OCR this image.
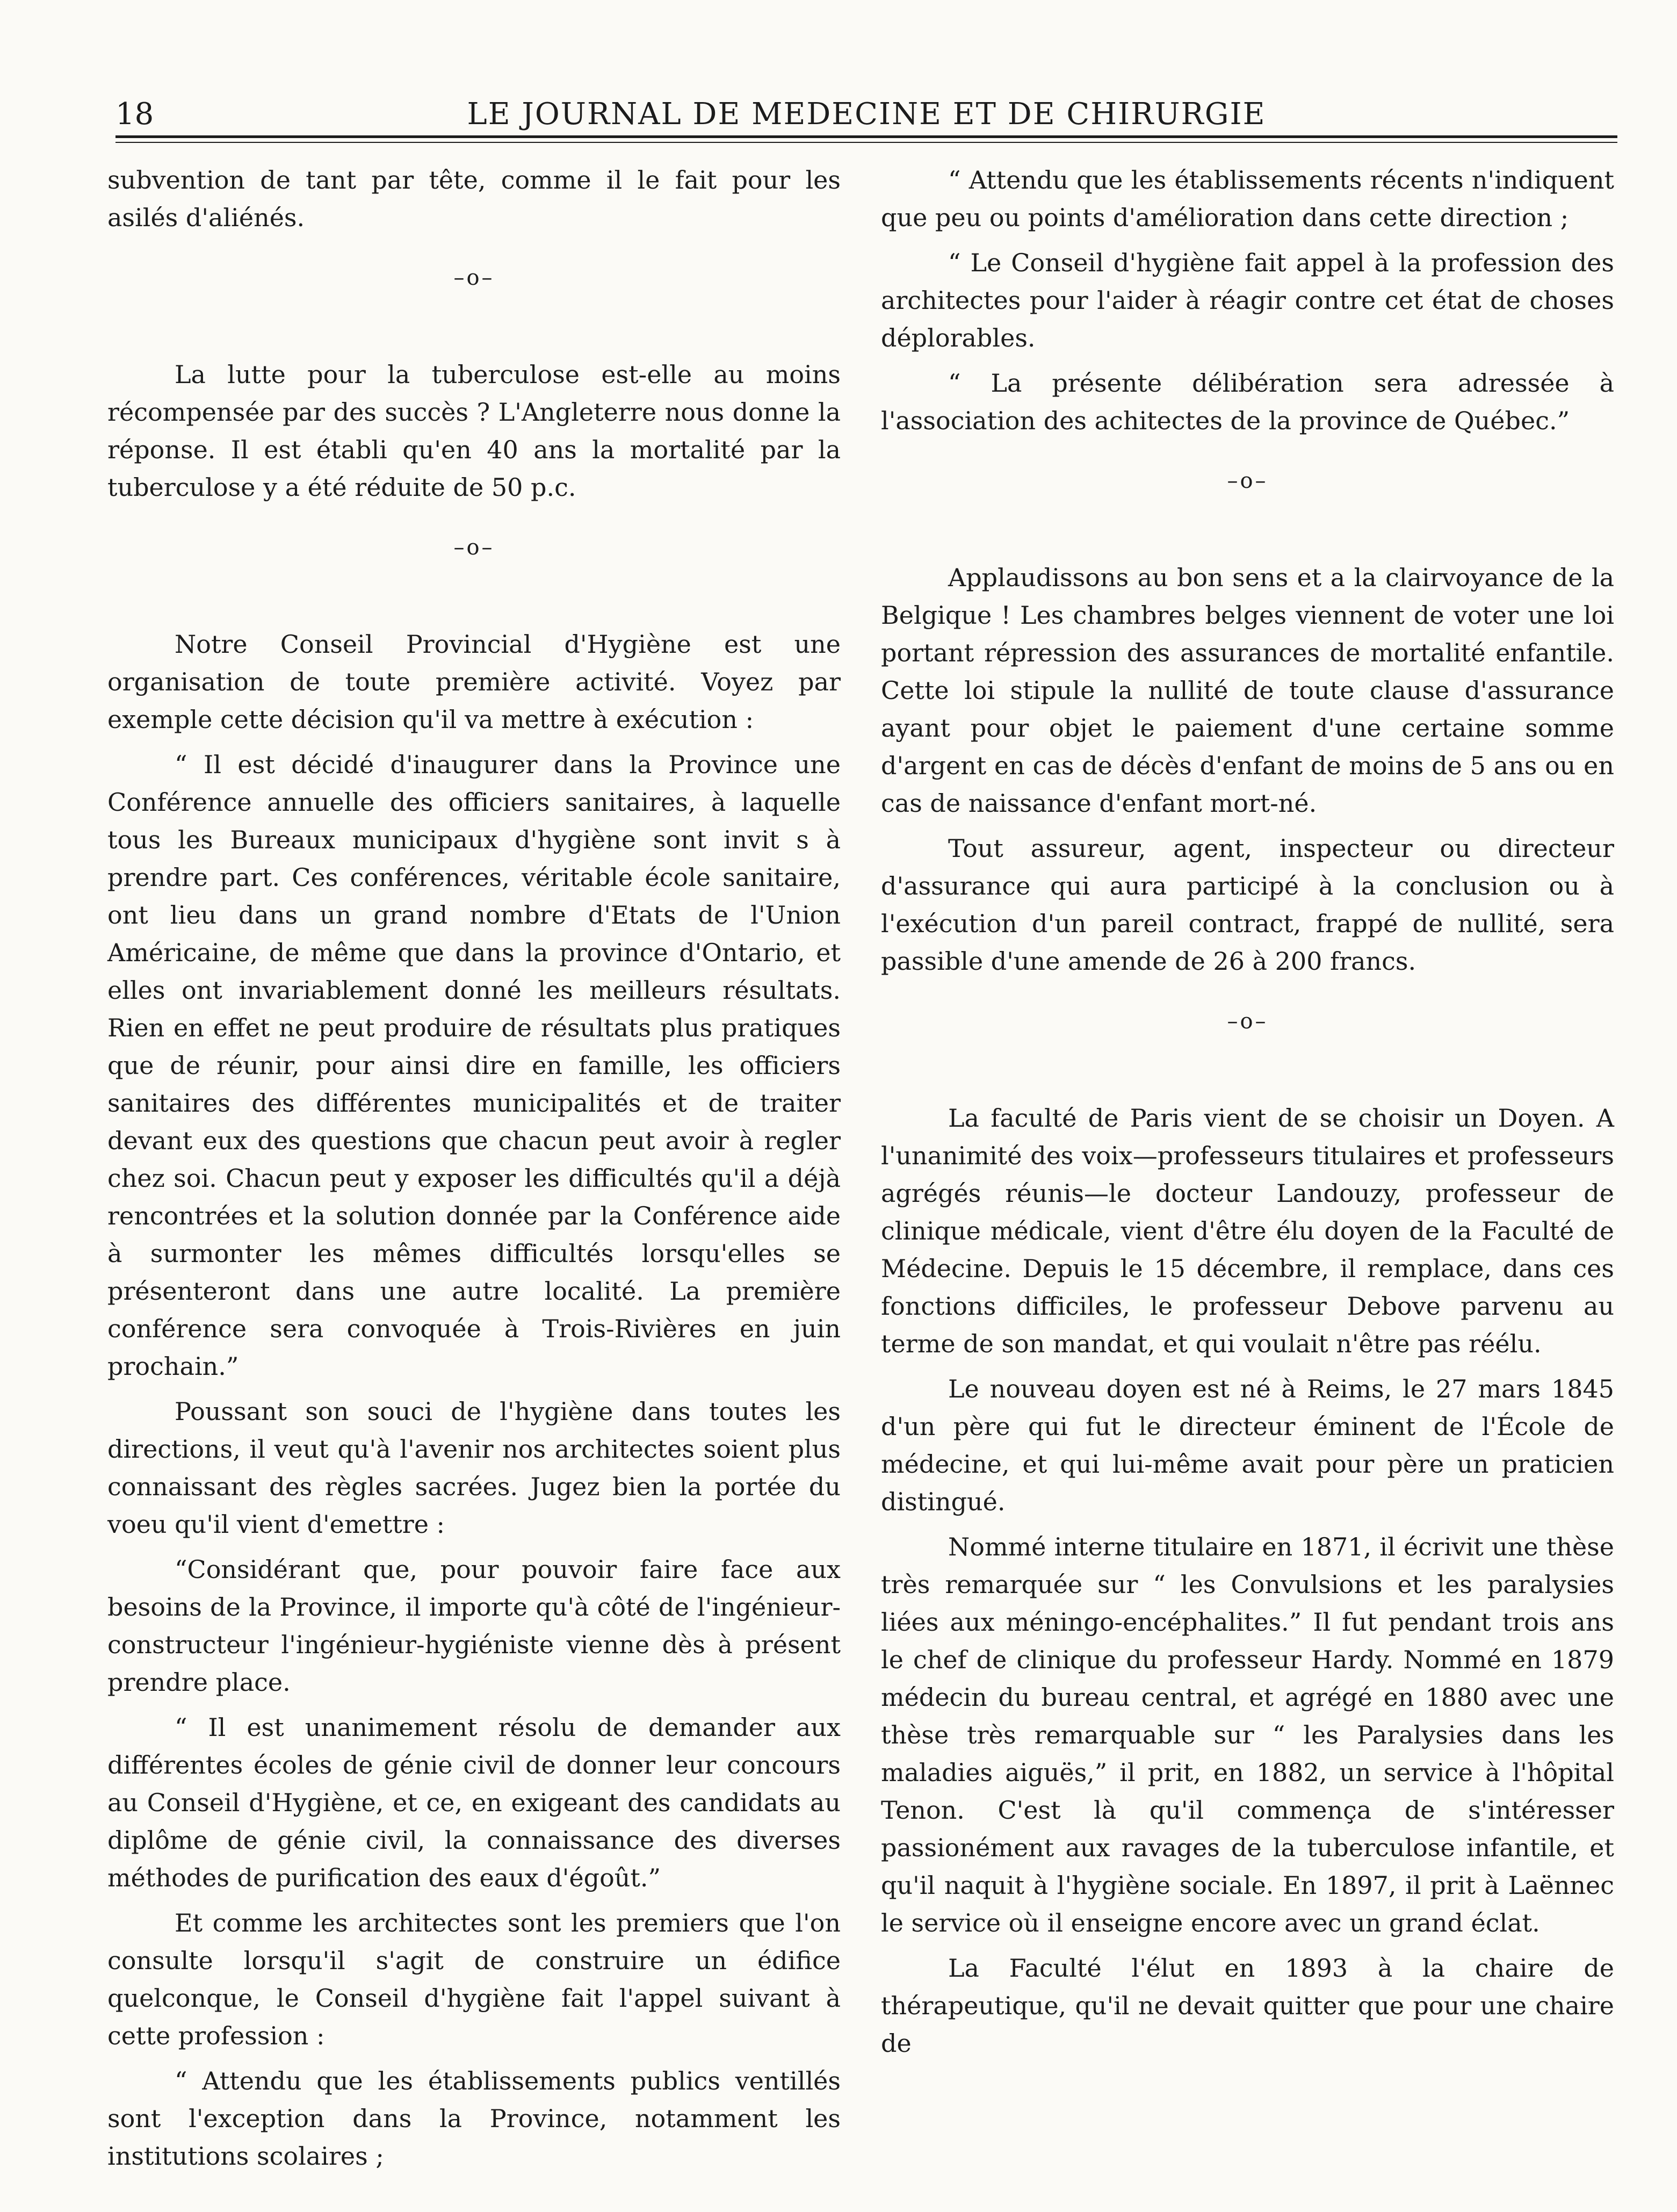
18	LE JOURNAL DE MEDECINE ET DE CHIRURGIE

subvention de tant par tête, comme il le fait pour les asilés d'aliénés.

–o–

La lutte pour la tuberculose est-elle au moins récompensée par des succès ? L'Angleterre nous donne la réponse. Il est établi qu'en 40 ans la mortalité par la tuberculose y a été réduite de 50 p.c.

–o–

Notre Conseil Provincial d'Hygiène est une organisation de toute première activité. Voyez par exemple cette décision qu'il va mettre à exécution :

“ Il est décidé d'inaugurer dans la Province une Conférence annuelle des officiers sanitaires, à laquelle tous les Bureaux municipaux d'hygiène sont invit s à prendre part. Ces conférences, véritable école sanitaire, ont lieu dans un grand nombre d'Etats de l'Union Américaine, de même que dans la province d'Ontario, et elles ont invariablement donné les meilleurs résultats. Rien en effet ne peut produire de résultats plus pratiques que de réunir, pour ainsi dire en famille, les officiers sanitaires des différentes municipalités et de traiter devant eux des questions que chacun peut avoir à regler chez soi. Chacun peut y exposer les difficultés qu'il a déjà rencontrées et la solution donnée par la Conférence aide à surmonter les mêmes difficultés lorsqu'elles se présenteront dans une autre localité. La première conférence sera convoquée à Trois-Rivières en juin prochain.”

Poussant son souci de l'hygiène dans toutes les directions, il veut qu'à l'avenir nos architectes soient plus connaissant des règles sacrées. Jugez bien la portée du voeu qu'il vient d'emettre :

“Considérant que, pour pouvoir faire face aux besoins de la Province, il importe qu'à côté de l'ingénieur-constructeur l'ingénieur-hygiéniste vienne dès à présent prendre place.

“ Il est unanimement résolu de demander aux différentes écoles de génie civil de donner leur concours au Conseil d'Hygiène, et ce, en exigeant des candidats au diplôme de génie civil, la connaissance des diverses méthodes de purification des eaux d'égoût.”

Et comme les architectes sont les premiers que l'on consulte lorsqu'il s'agit de construire un édifice quelconque, le Conseil d'hygiène fait l'appel suivant à cette profession :

“ Attendu que les établissements publics ventillés sont l'exception dans la Province, notamment les institutions scolaires ;

“ Attendu que les établissements récents n'indiquent que peu ou points d'amélioration dans cette direction ;

“ Le Conseil d'hygiène fait appel à la profession des architectes pour l'aider à réagir contre cet état de choses déplorables.

“ La présente délibération sera adressée à l'association des achitectes de la province de Québec.”

–o–

Applaudissons au bon sens et a la clairvoyance de la Belgique ! Les chambres belges viennent de voter une loi portant répression des assurances de mortalité enfantile. Cette loi stipule la nullité de toute clause d'assurance ayant pour objet le paiement d'une certaine somme d'argent en cas de décès d'enfant de moins de 5 ans ou en cas de naissance d'enfant mort-né.

Tout assureur, agent, inspecteur ou directeur d'assurance qui aura participé à la conclusion ou à l'exécution d'un pareil contract, frappé de nullité, sera passible d'une amende de 26 à 200 francs.

–o–

La faculté de Paris vient de se choisir un Doyen. A l'unanimité des voix—professeurs titulaires et professeurs agrégés réunis—le docteur Landouzy, professeur de clinique médicale, vient d'être élu doyen de la Faculté de Médecine. Depuis le 15 décembre, il remplace, dans ces fonctions difficiles, le professeur Debove parvenu au terme de son mandat, et qui voulait n'être pas réélu.

Le nouveau doyen est né à Reims, le 27 mars 1845 d'un père qui fut le directeur éminent de l'École de médecine, et qui lui-même avait pour père un praticien distingué.

Nommé interne titulaire en 1871, il écrivit une thèse très remarquée sur “ les Convulsions et les paralysies liées aux méningo-encéphalites.” Il fut pendant trois ans le chef de clinique du professeur Hardy. Nommé en 1879 médecin du bureau central, et agrégé en 1880 avec une thèse très remarquable sur “ les Paralysies dans les maladies aiguës,” il prit, en 1882, un service à l'hôpital Tenon. C'est là qu'il commença de s'intéresser passionément aux ravages de la tuberculose infantile, et qu'il naquit à l'hygiène sociale. En 1897, il prit à Laënnec le service où il enseigne encore avec un grand éclat.

La Faculté l'élut en 1893 à la chaire de thérapeutique, qu'il ne devait quitter que pour une chaire de
